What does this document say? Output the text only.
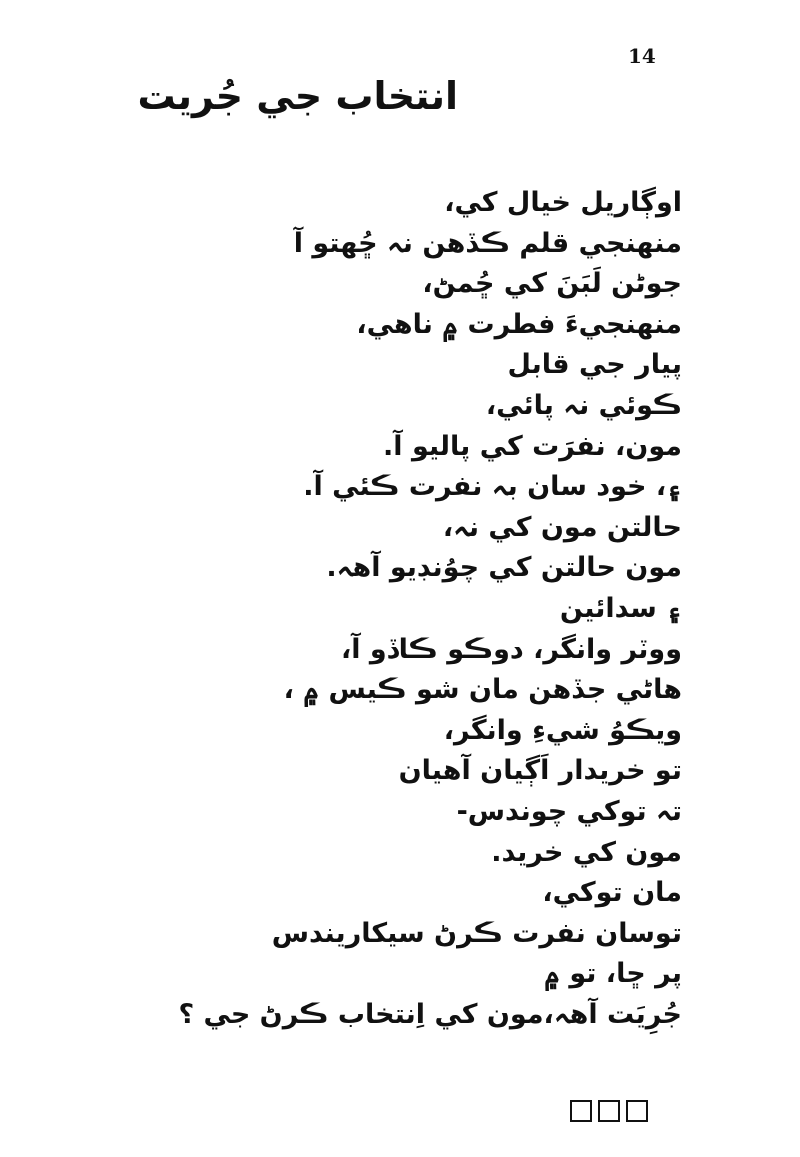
14
انتخاب جي جُريت
اوڳاريل خيال کي،
منهنجي قلم ڪڏهن نہ ڇُهتو آ
جوڻن لَبَنَ کي ڇُمڻ،
منهنجيءَ فطرت ۾ ناهي،
پيار جي قابل
ڪوئي نہ پائي،
مون، نفرَت کي پاليو آ.
۽، خود سان بہ نفرت ڪئي آ.
حالتن مون کي نہ،
مون حالتن کي چوُنڊيو آهہ.
۽ سدائين
ووٽر وانگر، دوڪو ڪاڏو آ،
هاڻي جڏهن مان شو ڪيس ۾ ،
ويڪوُ شيءِ وانگر،
تو خريدار اَڳيان آهيان
تہ توکي چوندس-
مون کي خريد.
مان توکي،
توسان نفرت ڪرڻ سيکاريندس
پر ڇا، تو ۾
جُرِيَت آهہ،مون کي اِنتخاب ڪرڻ جي ؟
